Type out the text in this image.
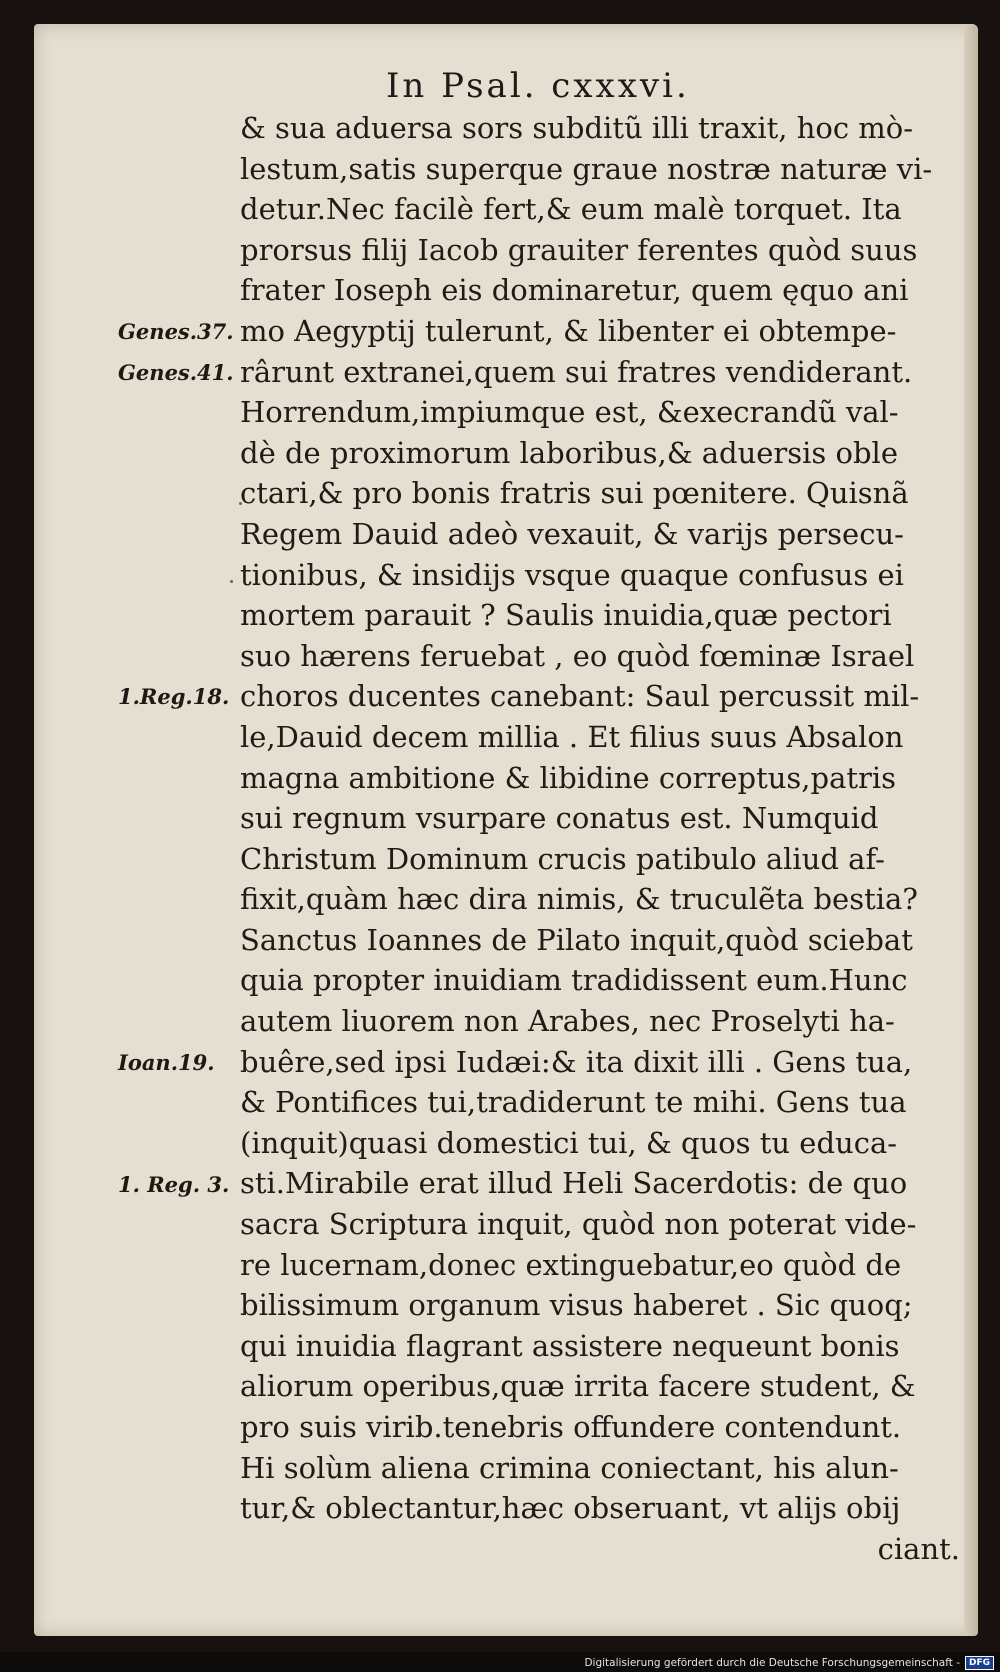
In Psal. cxxxvi.
Genes.37.
Genes.41.
1.Reg.18.
Ioan.19.
1. Reg. 3.
& sua aduersa sors subditũ illi traxit, hoc mò-
lestum,satis superque graue nostræ naturæ vi-
detur.Nec facilè fert,& eum malè torquet. Ita
prorsus filij Iacob grauiter ferentes quòd suus
frater Ioseph eis dominaretur, quem ęquo ani
mo Aegyptij tulerunt, & libenter ei obtempe-
rârunt extranei,quem sui fratres vendiderant.
Horrendum,impiumque est, &execrandũ val-
dè de proximorum laboribus,& aduersis oble
ctari,& pro bonis fratris sui pœnitere. Quisnã
Regem Dauid adeò vexauit, & varijs persecu-
tionibus, & insidijs vsque quaque confusus ei
mortem parauit ? Saulis inuidia,quæ pectori
suo hærens feruebat , eo quòd fœminæ Israel
choros ducentes canebant: Saul percussit mil-
le,Dauid decem millia . Et filius suus Absalon
magna ambitione & libidine correptus,patris
sui regnum vsurpare conatus est. Numquid
Christum Dominum crucis patibulo aliud af-
fixit,quàm hæc dira nimis, & truculẽta bestia?
Sanctus Ioannes de Pilato inquit,quòd sciebat
quia propter inuidiam tradidissent eum.Hunc
autem liuorem non Arabes, nec Proselyti ha-
buêre,sed ipsi Iudæi:& ita dixit illi . Gens tua,
& Pontifices tui,tradiderunt te mihi. Gens tua
(inquit)quasi domestici tui, & quos tu educa-
sti.Mirabile erat illud Heli Sacerdotis: de quo
sacra Scriptura inquit, quòd non poterat vide-
re lucernam,donec extinguebatur,eo quòd de
bilissimum organum visus haberet . Sic quoq;
qui inuidia flagrant assistere nequeunt bonis
aliorum operibus,quæ irrita facere student, &
pro suis virib.tenebris offundere contendunt.
Hi solùm aliena crimina coniectant, his alun-
tur,& oblectantur,hæc obseruant, vt alijs obij
ciant.
Digitalisierung gefördert durch die Deutsche Forschungsgemeinschaft -	DFG
